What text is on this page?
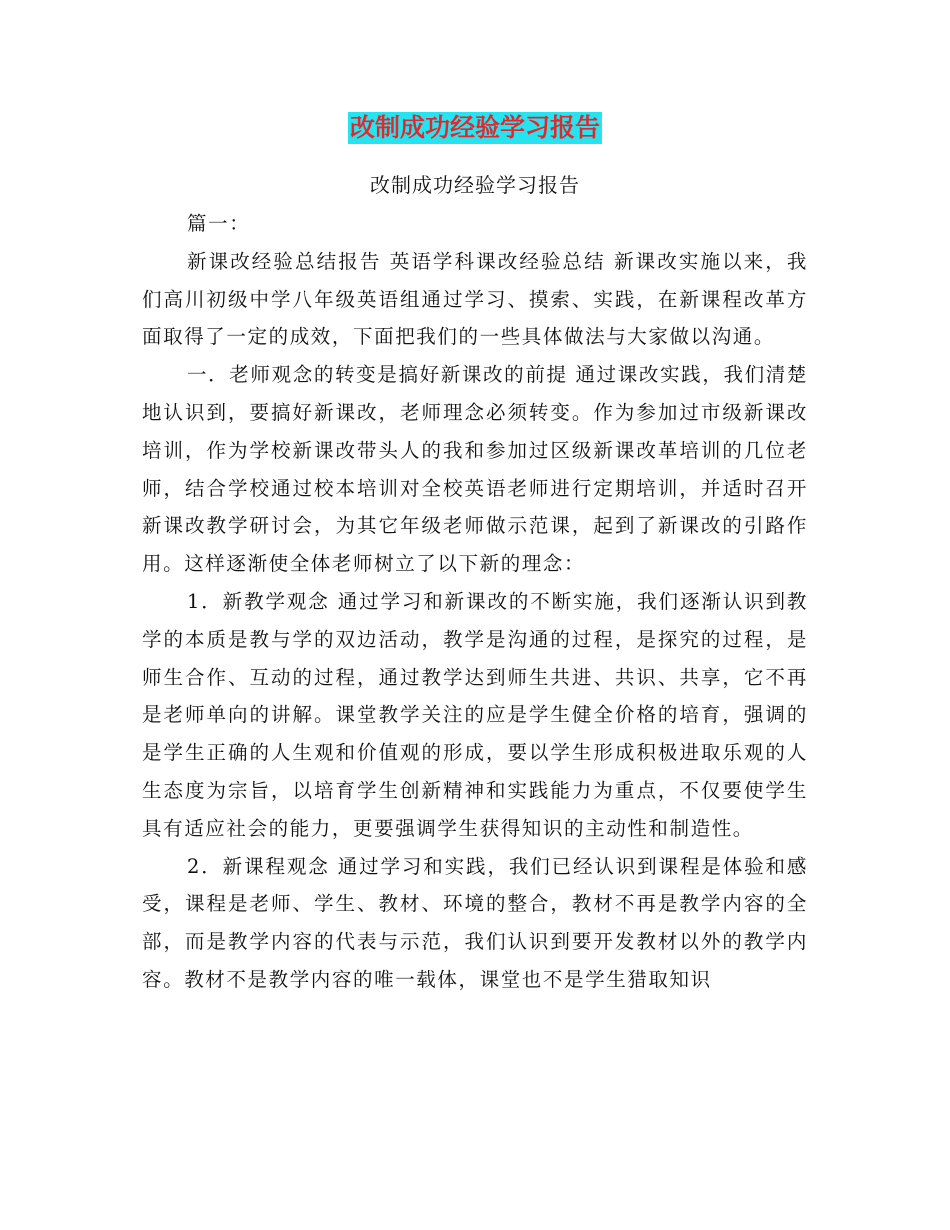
改制成功经验学习报告
改制成功经验学习报告

篇一：

新课改经验总结报告 英语学科课改经验总结 新课改实施以来，我们高川初级中学八年级英语组通过学习、摸索、实践，在新课程改革方面取得了一定的成效，下面把我们的一些具体做法与大家做以沟通。

一．老师观念的转变是搞好新课改的前提 通过课改实践，我们清楚地认识到，要搞好新课改，老师理念必须转变。作为参加过市级新课改培训，作为学校新课改带头人的我和参加过区级新课改革培训的几位老师，结合学校通过校本培训对全校英语老师进行定期培训，并适时召开新课改教学研讨会，为其它年级老师做示范课，起到了新课改的引路作用。这样逐渐使全体老师树立了以下新的理念：

1．新教学观念 通过学习和新课改的不断实施，我们逐渐认识到教学的本质是教与学的双边活动，教学是沟通的过程，是探究的过程，是师生合作、互动的过程，通过教学达到师生共进、共识、共享，它不再是老师单向的讲解。课堂教学关注的应是学生健全价格的培育，强调的是学生正确的人生观和价值观的形成，要以学生形成积极进取乐观的人生态度为宗旨，以培育学生创新精神和实践能力为重点，不仅要使学生具有适应社会的能力，更要强调学生获得知识的主动性和制造性。

2．新课程观念 通过学习和实践，我们已经认识到课程是体验和感受，课程是老师、学生、教材、环境的整合，教材不再是教学内容的全部，而是教学内容的代表与示范，我们认识到要开发教材以外的教学内容。教材不是教学内容的唯一载体，课堂也不是学生猎取知识
